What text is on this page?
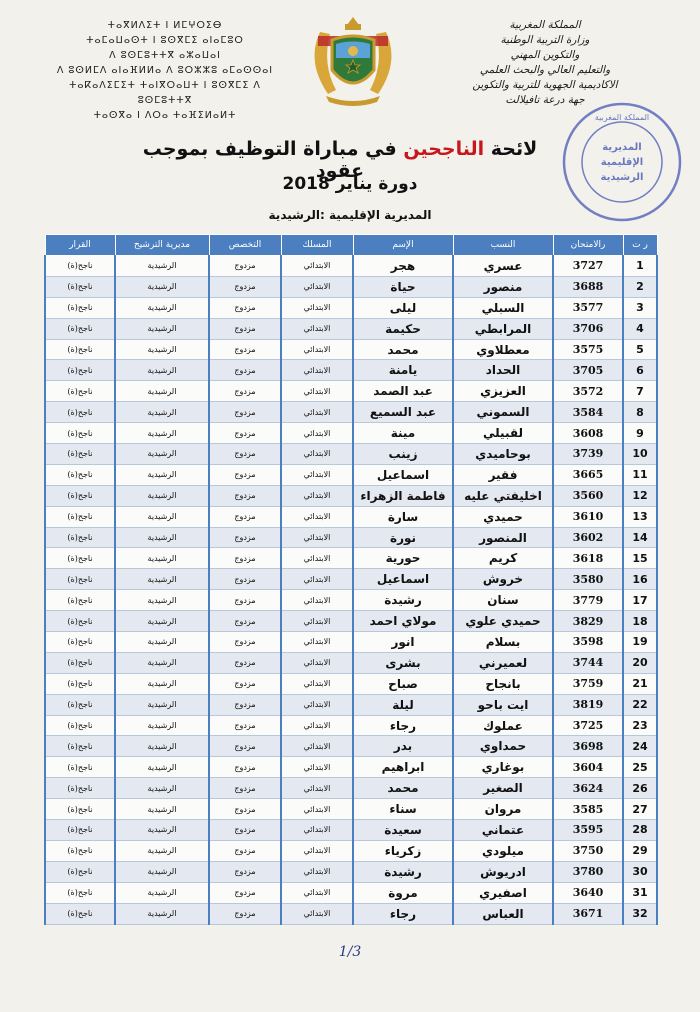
المملكة المغربية
وزارة التربية الوطنية
والتكوين المهني
والتعليم العالي والبحث العلمي
الاكاديمية الجهوية للتربية والتكوين
جهة درعة تافيلالت
ⵜⴰⴳⵍⴷⵉⵜ ⵏ ⵍⵎⵖⵔⵉⴱ
ⵜⴰⵎⴰⵡⴰⵙⵜ ⵏ ⵓⵙⴳⵎⵉ ⴰⵏⴰⵎⵓⵔ
ⴷ ⵓⵙⵎⵓⵜⵜⴳ ⴰⵣⴰⵡⴰⵏ
ⴷ ⵓⵙⵍⵎⴷ ⴰⵏⴰⴼⵍⵍⴰ ⴷ ⵓⵔⵣⵣⵓ ⴰⵎⴰⵙⵙⴰⵏ
ⵜⴰⴽⴰⴷⵉⵎⵉⵜ ⵜⴰⵏⴳⵔⴰⵡⵜ ⵏ ⵓⵙⴳⵎⵉ ⴷ ⵓⵙⵎⵓⵜⵜⴳ
ⵜⴰⵙⴳⴰ ⵏ ⴷⵔⴰ ⵜⴰⴼⵉⵍⴰⵍⵜ	المملكة المغربية
المديرية
الإقليمية
الرشيدية
لائحة الناجحين في مباراة التوظيف بموجب عقود
دورة يناير 2018
المديرية الإقليمية :الرشيدية
ر ت	رالامتحان	النسب	الإسم	المسلك	التخصص	مديرية الترشيح	القرار
1	3727	عسري	هجر	الابتدائي	مزدوج	الرشيدية	ناجح(ة)
2	3688	منصور	حياة	الابتدائي	مزدوج	الرشيدية	ناجح(ة)
3	3577	السبلي	ليلى	الابتدائي	مزدوج	الرشيدية	ناجح(ة)
4	3706	المرابطي	حكيمة	الابتدائي	مزدوج	الرشيدية	ناجح(ة)
5	3575	معطلاوي	محمد	الابتدائي	مزدوج	الرشيدية	ناجح(ة)
6	3705	الحداد	يامنة	الابتدائي	مزدوج	الرشيدية	ناجح(ة)
7	3572	العزيزي	عبد الصمد	الابتدائي	مزدوج	الرشيدية	ناجح(ة)
8	3584	السموني	عبد السميع	الابتدائي	مزدوج	الرشيدية	ناجح(ة)
9	3608	لقبيلي	مينة	الابتدائي	مزدوج	الرشيدية	ناجح(ة)
10	3739	بوحاميدي	زينب	الابتدائي	مزدوج	الرشيدية	ناجح(ة)
11	3665	فقير	اسماعيل	الابتدائي	مزدوج	الرشيدية	ناجح(ة)
12	3560	اخليفتي عليه	فاطمة الزهراء	الابتدائي	مزدوج	الرشيدية	ناجح(ة)
13	3610	حميدي	سارة	الابتدائي	مزدوج	الرشيدية	ناجح(ة)
14	3602	المنصور	نورة	الابتدائي	مزدوج	الرشيدية	ناجح(ة)
15	3618	كريم	حورية	الابتدائي	مزدوج	الرشيدية	ناجح(ة)
16	3580	خروش	اسماعيل	الابتدائي	مزدوج	الرشيدية	ناجح(ة)
17	3779	سنان	رشيدة	الابتدائي	مزدوج	الرشيدية	ناجح(ة)
18	3829	حميدي علوي	مولاي احمد	الابتدائي	مزدوج	الرشيدية	ناجح(ة)
19	3598	بسلام	انور	الابتدائي	مزدوج	الرشيدية	ناجح(ة)
20	3744	لعميرني	بشرى	الابتدائي	مزدوج	الرشيدية	ناجح(ة)
21	3759	بانجاح	صباح	الابتدائي	مزدوج	الرشيدية	ناجح(ة)
22	3819	ايت باحو	ليلة	الابتدائي	مزدوج	الرشيدية	ناجح(ة)
23	3725	عملوك	رجاء	الابتدائي	مزدوج	الرشيدية	ناجح(ة)
24	3698	حمداوي	بدر	الابتدائي	مزدوج	الرشيدية	ناجح(ة)
25	3604	بوغاري	ابراهيم	الابتدائي	مزدوج	الرشيدية	ناجح(ة)
26	3624	الصغير	محمد	الابتدائي	مزدوج	الرشيدية	ناجح(ة)
27	3585	مروان	سناء	الابتدائي	مزدوج	الرشيدية	ناجح(ة)
28	3595	عتماني	سعيدة	الابتدائي	مزدوج	الرشيدية	ناجح(ة)
29	3750	ميلودي	زكرياء	الابتدائي	مزدوج	الرشيدية	ناجح(ة)
30	3780	ادريوش	رشيدة	الابتدائي	مزدوج	الرشيدية	ناجح(ة)
31	3640	اصفيري	مروة	الابتدائي	مزدوج	الرشيدية	ناجح(ة)
32	3671	العباس	رجاء	الابتدائي	مزدوج	الرشيدية	ناجح(ة)
1/3
